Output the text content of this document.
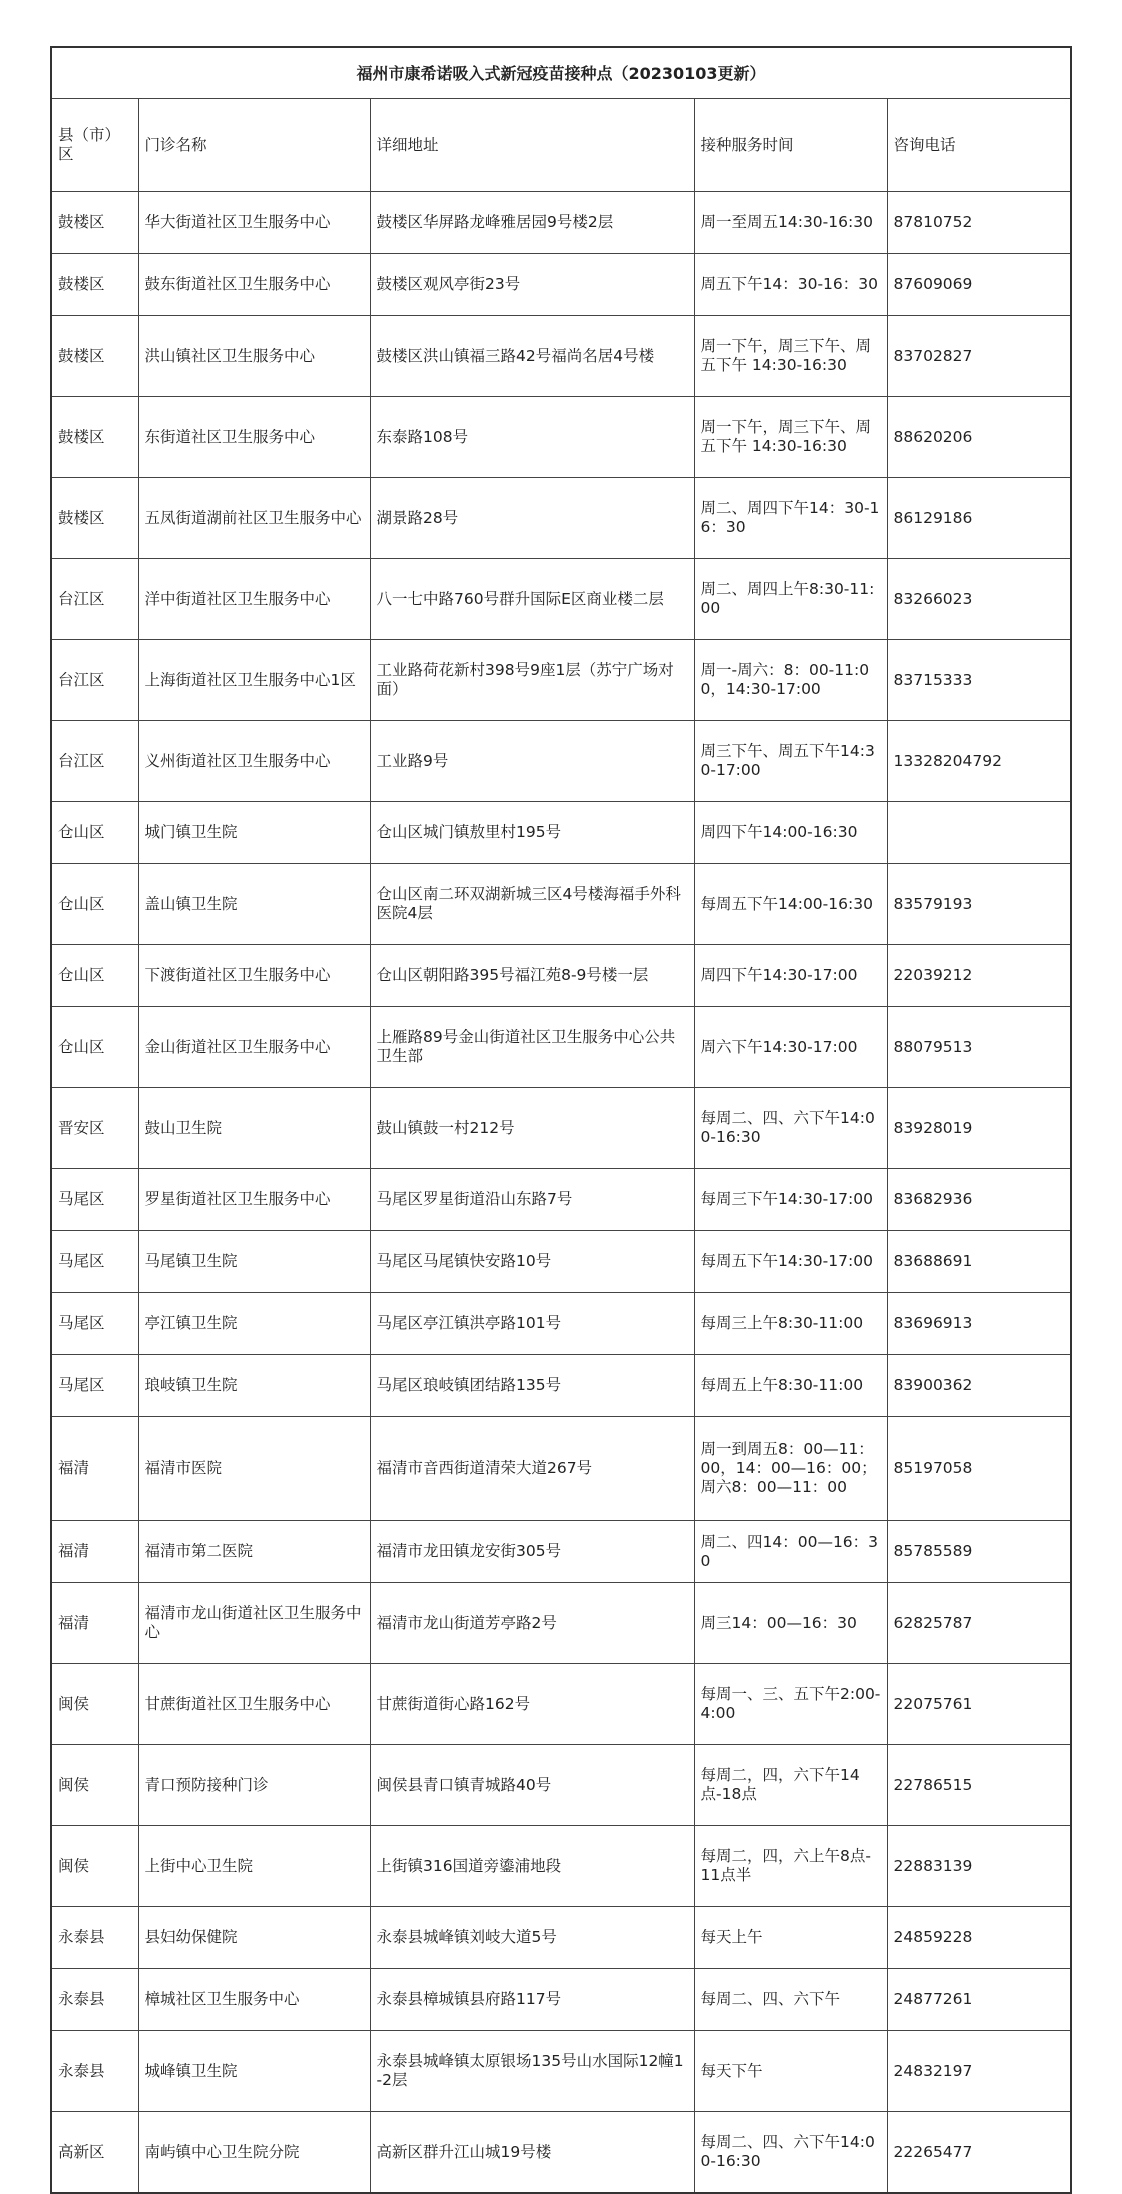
福州市康希诺吸入式新冠疫苗接种点（20230103更新）				
县（市）区	门诊名称	详细地址	接种服务时间	咨询电话
鼓楼区	华大街道社区卫生服务中心	鼓楼区华屏路龙峰雅居园9号楼2层	周一至周五14:30-16:30	87810752
鼓楼区	鼓东街道社区卫生服务中心	鼓楼区观风亭街23号	周五下午14：30-16：30	87609069
鼓楼区	洪山镇社区卫生服务中心	鼓楼区洪山镇福三路42号福尚名居4号楼	周一下午，周三下午、周五下午 14:30-16:30	83702827
鼓楼区	东街道社区卫生服务中心	东泰路108号	周一下午，周三下午、周五下午 14:30-16:30	88620206
鼓楼区	五凤街道湖前社区卫生服务中心	湖景路28号	周二、周四下午14：30-16：30	86129186
台江区	洋中街道社区卫生服务中心	八一七中路760号群升国际E区商业楼二层	周二、周四上午8:30-11:00	83266023
台江区	上海街道社区卫生服务中心1区	工业路荷花新村398号9座1层（苏宁广场对面）	周一-周六：8：00-11:00，14:30-17:00	83715333
台江区	义州街道社区卫生服务中心	工业路9号	周三下午、周五下午14:30-17:00	13328204792
仓山区	城门镇卫生院	仓山区城门镇敖里村195号	周四下午14:00-16:30	
仓山区	盖山镇卫生院	仓山区南二环双湖新城三区4号楼海福手外科医院4层	每周五下午14:00-16:30	83579193
仓山区	下渡街道社区卫生服务中心	仓山区朝阳路395号福江苑8-9号楼一层	周四下午14:30-17:00	22039212
仓山区	金山街道社区卫生服务中心	上雁路89号金山街道社区卫生服务中心公共卫生部	周六下午14:30-17:00	88079513
晋安区	鼓山卫生院	鼓山镇鼓一村212号	每周二、四、六下午14:00-16:30	83928019
马尾区	罗星街道社区卫生服务中心	马尾区罗星街道沿山东路7号	每周三下午14:30-17:00	83682936
马尾区	马尾镇卫生院	马尾区马尾镇快安路10号	每周五下午14:30-17:00	83688691
马尾区	亭江镇卫生院	马尾区亭江镇洪亭路101号	每周三上午8:30-11:00	83696913
马尾区	琅岐镇卫生院	马尾区琅岐镇团结路135号	每周五上午8:30-11:00	83900362
福清	福清市医院	福清市音西街道清荣大道267号	周一到周五8：00—11：00，14：00—16：00；周六8：00—11：00	85197058
福清	福清市第二医院	福清市龙田镇龙安街305号	周二、四14：00—16：30	85785589
福清	福清市龙山街道社区卫生服务中心	福清市龙山街道芳亭路2号	周三14：00—16：30	62825787
闽侯	甘蔗街道社区卫生服务中心	甘蔗街道街心路162号	每周一、三、五下午2:00-4:00	22075761
闽侯	青口预防接种门诊	闽侯县青口镇青城路40号	每周二，四，六下午14点-18点	22786515
闽侯	上街中心卫生院	上街镇316国道旁鎏浦地段	每周二，四，六上午8点-11点半	22883139
永泰县	县妇幼保健院	永泰县城峰镇刘岐大道5号	每天上午	24859228
永泰县	樟城社区卫生服务中心	永泰县樟城镇县府路117号	每周二、四、六下午	24877261
永泰县	城峰镇卫生院	永泰县城峰镇太原银场135号山水国际12幢1-2层	每天下午	24832197
高新区	南屿镇中心卫生院分院	高新区群升江山城19号楼	每周二、四、六下午14:00-16:30	22265477
